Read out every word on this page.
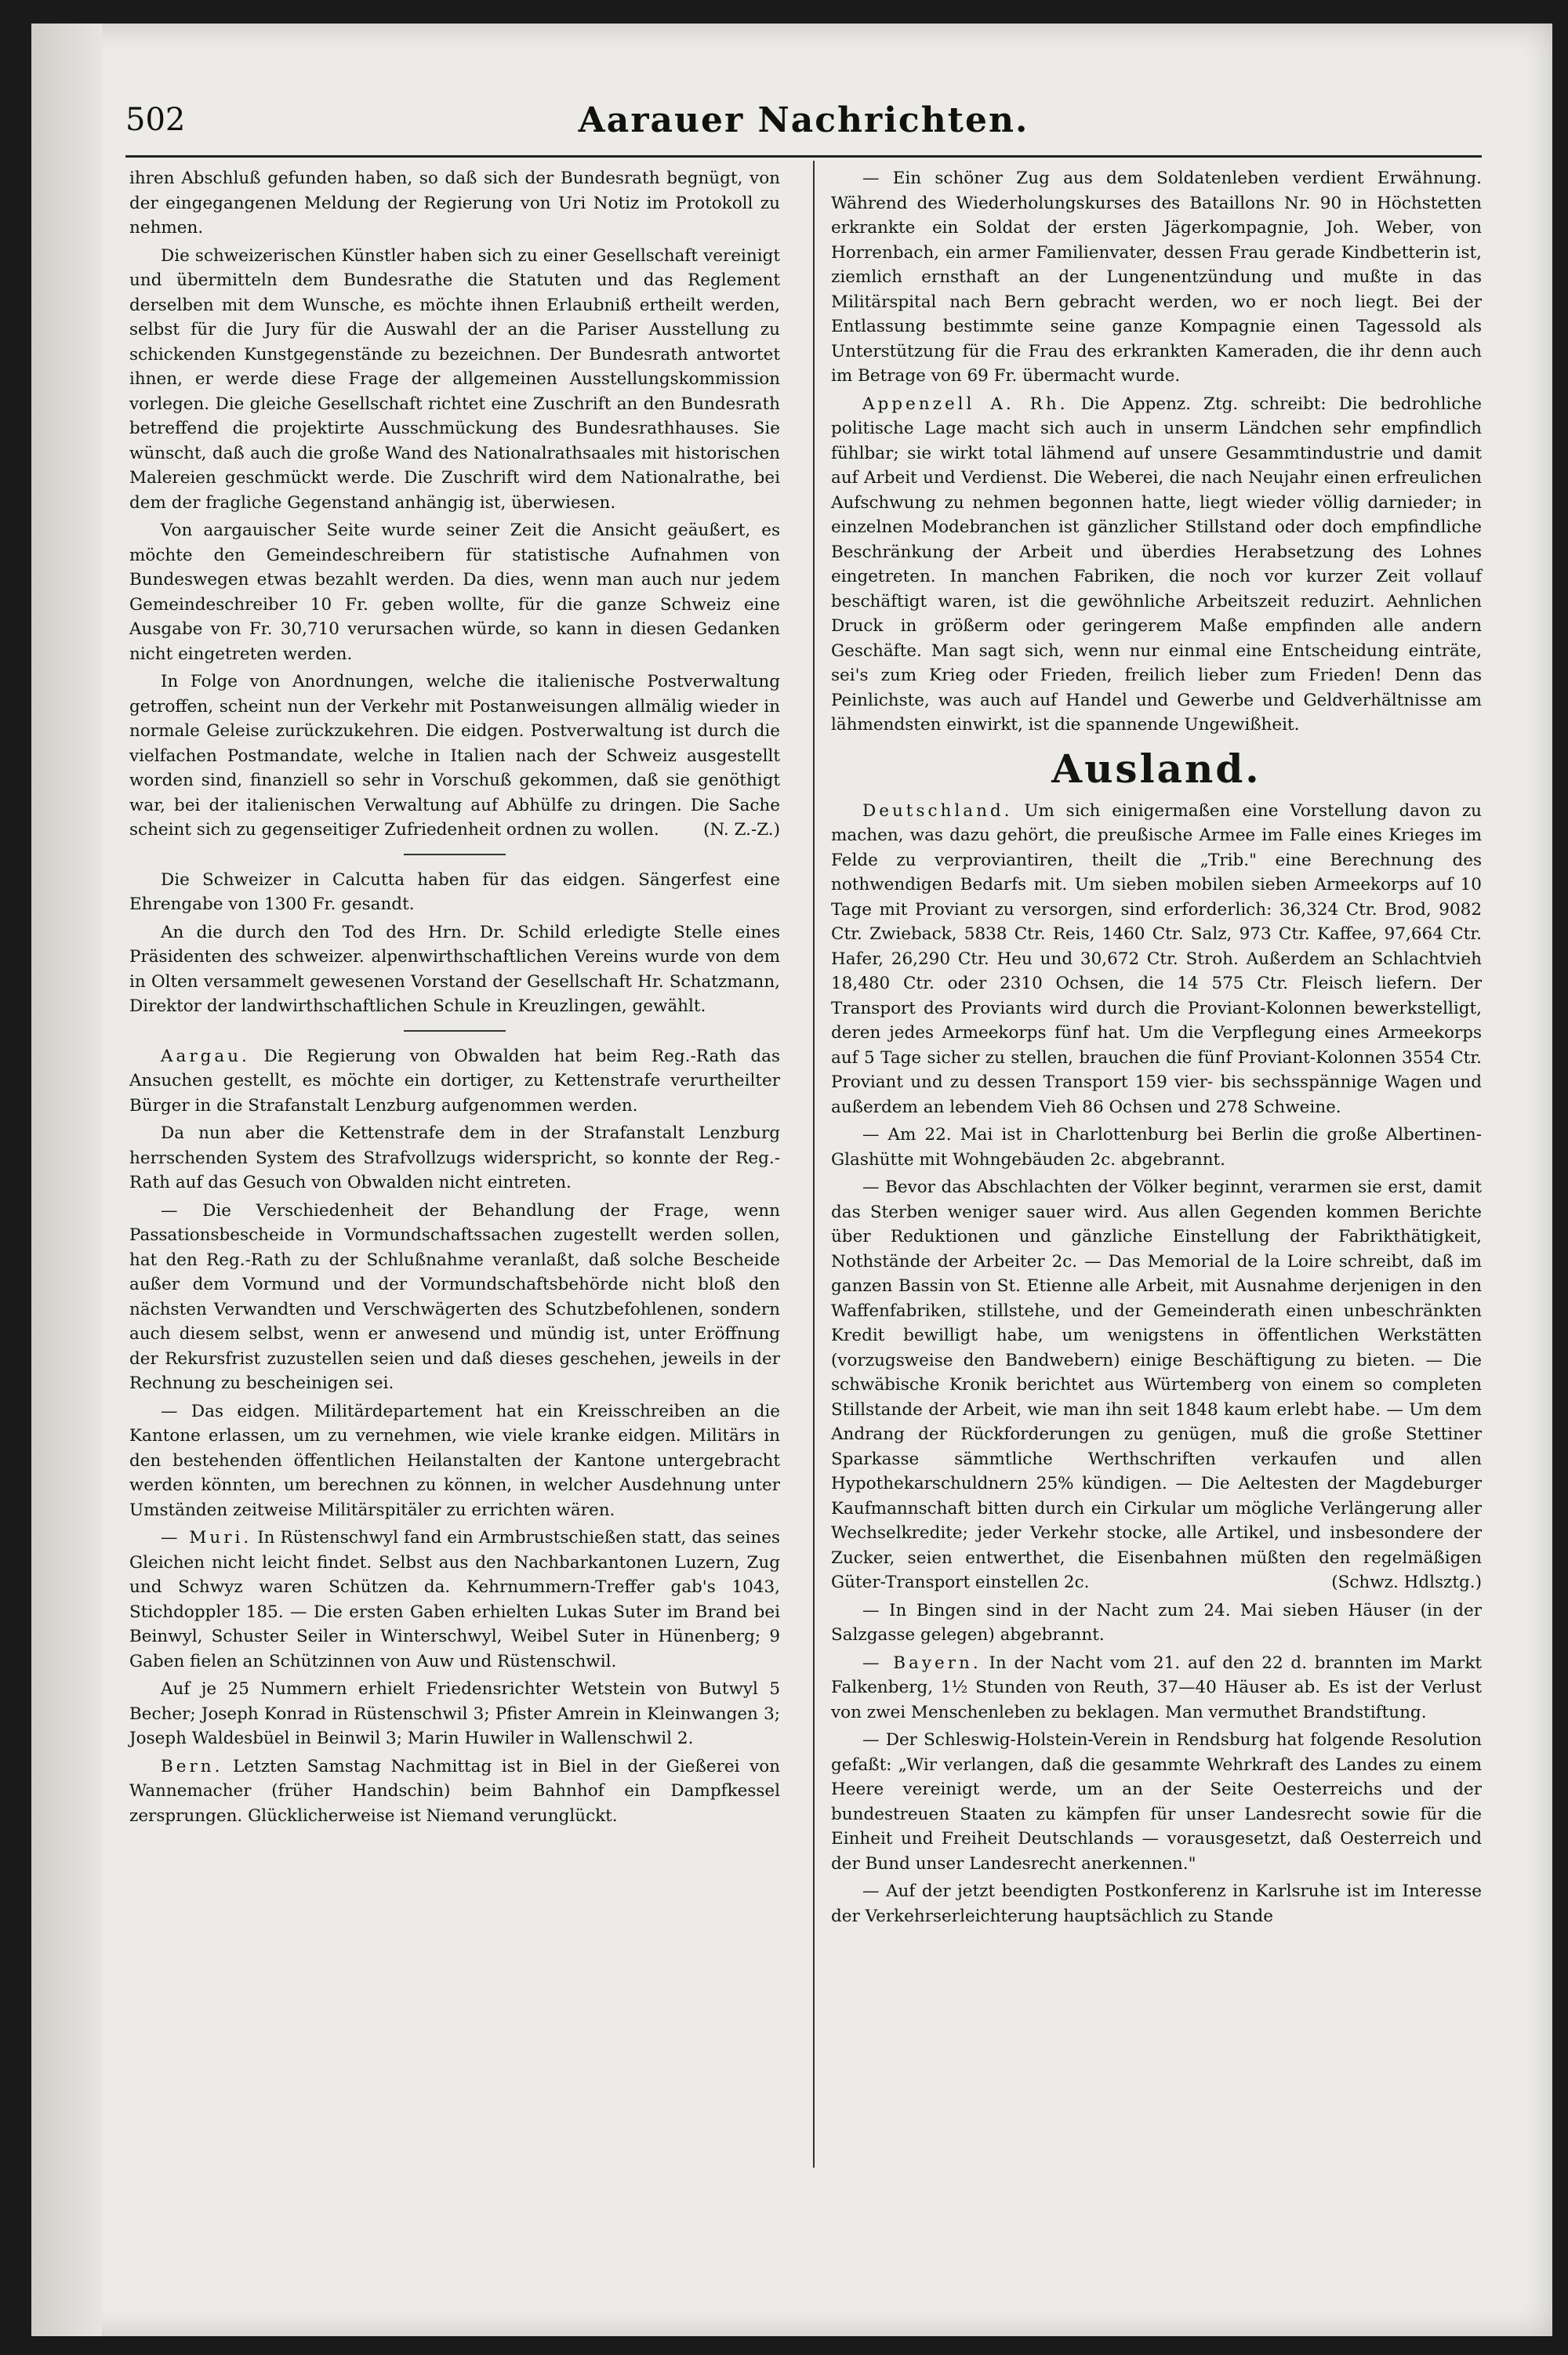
502	Aarauer Nachrichten.

ihren Abschluß gefunden haben, so daß sich der Bundesrath begnügt, von der eingegangenen Meldung der Regierung von Uri Notiz im Protokoll zu nehmen.

Die schweizerischen Künstler haben sich zu einer Gesellschaft vereinigt und übermitteln dem Bundesrathe die Statuten und das Reglement derselben mit dem Wunsche, es möchte ihnen Erlaubniß ertheilt werden, selbst für die Jury für die Auswahl der an die Pariser Ausstellung zu schickenden Kunstgegenstände zu bezeichnen. Der Bundesrath antwortet ihnen, er werde diese Frage der allgemeinen Ausstellungskommission vorlegen. Die gleiche Gesellschaft richtet eine Zuschrift an den Bundesrath betreffend die projektirte Ausschmückung des Bundesrathhauses. Sie wünscht, daß auch die große Wand des Nationalrathsaales mit historischen Malereien geschmückt werde. Die Zuschrift wird dem Nationalrathe, bei dem der fragliche Gegenstand anhängig ist, überwiesen.

Von aargauischer Seite wurde seiner Zeit die Ansicht geäußert, es möchte den Gemeindeschreibern für statistische Aufnahmen von Bundeswegen etwas bezahlt werden. Da dies, wenn man auch nur jedem Gemeindeschreiber 10 Fr. geben wollte, für die ganze Schweiz eine Ausgabe von Fr. 30,710 verursachen würde, so kann in diesen Gedanken nicht eingetreten werden.

In Folge von Anordnungen, welche die italienische Postverwaltung getroffen, scheint nun der Verkehr mit Postanweisungen allmälig wieder in normale Geleise zurückzukehren. Die eidgen. Postverwaltung ist durch die vielfachen Postmandate, welche in Italien nach der Schweiz ausgestellt worden sind, finanziell so sehr in Vorschuß gekommen, daß sie genöthigt war, bei der italienischen Verwaltung auf Abhülfe zu dringen. Die Sache scheint sich zu gegenseitiger Zufriedenheit ordnen zu wollen.	(N. Z.-Z.)

Die Schweizer in Calcutta haben für das eidgen. Sängerfest eine Ehrengabe von 1300 Fr. gesandt.

An die durch den Tod des Hrn. Dr. Schild erledigte Stelle eines Präsidenten des schweizer. alpenwirthschaftlichen Vereins wurde von dem in Olten versammelt gewesenen Vorstand der Gesellschaft Hr. Schatzmann, Direktor der landwirthschaftlichen Schule in Kreuzlingen, gewählt.

Aargau. Die Regierung von Obwalden hat beim Reg.-Rath das Ansuchen gestellt, es möchte ein dortiger, zu Kettenstrafe verurtheilter Bürger in die Strafanstalt Lenzburg aufgenommen werden.

Da nun aber die Kettenstrafe dem in der Strafanstalt Lenzburg herrschenden System des Strafvollzugs widerspricht, so konnte der Reg.-Rath auf das Gesuch von Obwalden nicht eintreten.

— Die Verschiedenheit der Behandlung der Frage, wenn Passationsbescheide in Vormundschaftssachen zugestellt werden sollen, hat den Reg.-Rath zu der Schlußnahme veranlaßt, daß solche Bescheide außer dem Vormund und der Vormundschaftsbehörde nicht bloß den nächsten Verwandten und Verschwägerten des Schutzbefohlenen, sondern auch diesem selbst, wenn er anwesend und mündig ist, unter Eröffnung der Rekursfrist zuzustellen seien und daß dieses geschehen, jeweils in der Rechnung zu bescheinigen sei.

— Das eidgen. Militärdepartement hat ein Kreisschreiben an die Kantone erlassen, um zu vernehmen, wie viele kranke eidgen. Militärs in den bestehenden öffentlichen Heilanstalten der Kantone untergebracht werden könnten, um berechnen zu können, in welcher Ausdehnung unter Umständen zeitweise Militärspitäler zu errichten wären.

— Muri. In Rüstenschwyl fand ein Armbrustschießen statt, das seines Gleichen nicht leicht findet. Selbst aus den Nachbarkantonen Luzern, Zug und Schwyz waren Schützen da. Kehrnummern-Treffer gab's 1043, Stichdoppler 185. — Die ersten Gaben erhielten Lukas Suter im Brand bei Beinwyl, Schuster Seiler in Winterschwyl, Weibel Suter in Hünenberg; 9 Gaben fielen an Schützinnen von Auw und Rüstenschwil.

Auf je 25 Nummern erhielt Friedensrichter Wetstein von Butwyl 5 Becher; Joseph Konrad in Rüstenschwil 3; Pfister Amrein in Kleinwangen 3; Joseph Waldesbüel in Beinwil 3; Marin Huwiler in Wallenschwil 2.

Bern. Letzten Samstag Nachmittag ist in Biel in der Gießerei von Wannemacher (früher Handschin) beim Bahnhof ein Dampfkessel zersprungen. Glücklicherweise ist Niemand verunglückt.

— Ein schöner Zug aus dem Soldatenleben verdient Erwähnung. Während des Wiederholungskurses des Bataillons Nr. 90 in Höchstetten erkrankte ein Soldat der ersten Jägerkompagnie, Joh. Weber, von Horrenbach, ein armer Familienvater, dessen Frau gerade Kindbetterin ist, ziemlich ernsthaft an der Lungenentzündung und mußte in das Militärspital nach Bern gebracht werden, wo er noch liegt. Bei der Entlassung bestimmte seine ganze Kompagnie einen Tagessold als Unterstützung für die Frau des erkrankten Kameraden, die ihr denn auch im Betrage von 69 Fr. übermacht wurde.

Appenzell A. Rh. Die Appenz. Ztg. schreibt: Die bedrohliche politische Lage macht sich auch in unserm Ländchen sehr empfindlich fühlbar; sie wirkt total lähmend auf unsere Gesammtindustrie und damit auf Arbeit und Verdienst. Die Weberei, die nach Neujahr einen erfreulichen Aufschwung zu nehmen begonnen hatte, liegt wieder völlig darnieder; in einzelnen Modebranchen ist gänzlicher Stillstand oder doch empfindliche Beschränkung der Arbeit und überdies Herabsetzung des Lohnes eingetreten. In manchen Fabriken, die noch vor kurzer Zeit vollauf beschäftigt waren, ist die gewöhnliche Arbeitszeit reduzirt. Aehnlichen Druck in größerm oder geringerem Maße empfinden alle andern Geschäfte. Man sagt sich, wenn nur einmal eine Entscheidung einträte, sei's zum Krieg oder Frieden, freilich lieber zum Frieden! Denn das Peinlichste, was auch auf Handel und Gewerbe und Geldverhältnisse am lähmendsten einwirkt, ist die spannende Ungewißheit.

Ausland.

Deutschland. Um sich einigermaßen eine Vorstellung davon zu machen, was dazu gehört, die preußische Armee im Falle eines Krieges im Felde zu verproviantiren, theilt die „Trib." eine Berechnung des nothwendigen Bedarfs mit. Um sieben mobilen sieben Armeekorps auf 10 Tage mit Proviant zu versorgen, sind erforderlich: 36,324 Ctr. Brod, 9082 Ctr. Zwieback, 5838 Ctr. Reis, 1460 Ctr. Salz, 973 Ctr. Kaffee, 97,664 Ctr. Hafer, 26,290 Ctr. Heu und 30,672 Ctr. Stroh. Außerdem an Schlachtvieh 18,480 Ctr. oder 2310 Ochsen, die 14 575 Ctr. Fleisch liefern. Der Transport des Proviants wird durch die Proviant-Kolonnen bewerkstelligt, deren jedes Armeekorps fünf hat. Um die Verpflegung eines Armeekorps auf 5 Tage sicher zu stellen, brauchen die fünf Proviant-Kolonnen 3554 Ctr. Proviant und zu dessen Transport 159 vier- bis sechsspännige Wagen und außerdem an lebendem Vieh 86 Ochsen und 278 Schweine.

— Am 22. Mai ist in Charlottenburg bei Berlin die große Albertinen-Glashütte mit Wohngebäuden 2c. abgebrannt.

— Bevor das Abschlachten der Völker beginnt, verarmen sie erst, damit das Sterben weniger sauer wird. Aus allen Gegenden kommen Berichte über Reduktionen und gänzliche Einstellung der Fabrikthätigkeit, Nothstände der Arbeiter 2c. — Das Memorial de la Loire schreibt, daß im ganzen Bassin von St. Etienne alle Arbeit, mit Ausnahme derjenigen in den Waffenfabriken, stillstehe, und der Gemeinderath einen unbeschränkten Kredit bewilligt habe, um wenigstens in öffentlichen Werkstätten (vorzugsweise den Bandwebern) einige Beschäftigung zu bieten. — Die schwäbische Kronik berichtet aus Würtemberg von einem so completen Stillstande der Arbeit, wie man ihn seit 1848 kaum erlebt habe. — Um dem Andrang der Rückforderungen zu genügen, muß die große Stettiner Sparkasse sämmtliche Werthschriften verkaufen und allen Hypothekarschuldnern 25% kündigen. — Die Aeltesten der Magdeburger Kaufmannschaft bitten durch ein Cirkular um mögliche Verlängerung aller Wechselkredite; jeder Verkehr stocke, alle Artikel, und insbesondere der Zucker, seien entwerthet, die Eisenbahnen müßten den regelmäßigen Güter-Transport einstellen 2c.	(Schwz. Hdlsztg.)

— In Bingen sind in der Nacht zum 24. Mai sieben Häuser (in der Salzgasse gelegen) abgebrannt.

— Bayern. In der Nacht vom 21. auf den 22 d. brannten im Markt Falkenberg, 1½ Stunden von Reuth, 37—40 Häuser ab. Es ist der Verlust von zwei Menschenleben zu beklagen. Man vermuthet Brandstiftung.

— Der Schleswig-Holstein-Verein in Rendsburg hat folgende Resolution gefaßt: „Wir verlangen, daß die gesammte Wehrkraft des Landes zu einem Heere vereinigt werde, um an der Seite Oesterreichs und der bundestreuen Staaten zu kämpfen für unser Landesrecht sowie für die Einheit und Freiheit Deutschlands — vorausgesetzt, daß Oesterreich und der Bund unser Landesrecht anerkennen."

— Auf der jetzt beendigten Postkonferenz in Karlsruhe ist im Interesse der Verkehrserleichterung hauptsächlich zu Stande
